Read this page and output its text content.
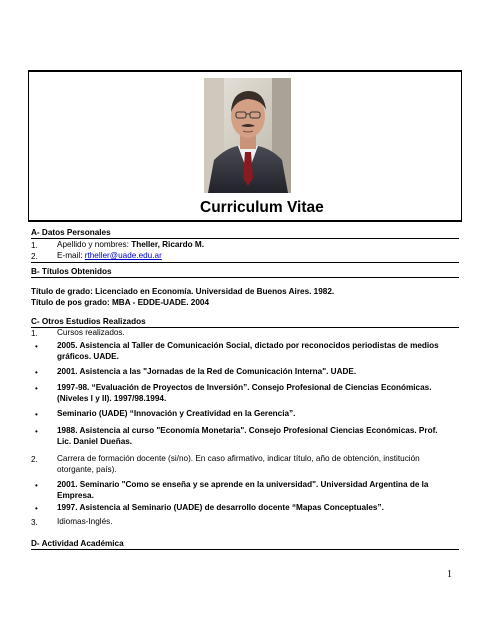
Curriculum Vitae
A- Datos Personales
1. Apellido y nombres: Theller, Ricardo M.
2. E-mail: rtheller@uade.edu.ar
B- Títulos Obtenidos
Título de grado: Licenciado en Economía. Universidad de Buenos Aires. 1982.
Título de pos grado: MBA - EDDE-UADE. 2004
C- Otros Estudios Realizados
1. Cursos realizados.
• 2005. Asistencia al Taller de Comunicación Social, dictado por reconocidos periodistas de medios
gráficos. UADE.
• 2001. Asistencia a las "Jornadas de la Red de Comunicación Interna". UADE.
• 1997-98. “Evaluación de Proyectos de Inversión”. Consejo Profesional de Ciencias Económicas.
(Niveles I y II). 1997/98.1994.
• Seminario (UADE) “Innovación y Creatividad en la Gerencia”.
• 1988. Asistencia al curso "Economía Monetaria". Consejo Profesional Ciencias Económicas. Prof.
Lic. Daniel Dueñas.
2. Carrera de formación docente (si/no). En caso afirmativo, indicar título, año de obtención, institución
otorgante, país).
• 2001. Seminario "Como se enseña y se aprende en la universidad". Universidad Argentina de la
Empresa.
• 1997. Asistencia al Seminario (UADE) de desarrollo docente “Mapas Conceptuales”.
3. Idiomas-Inglés.
D- Actividad Académica
1
